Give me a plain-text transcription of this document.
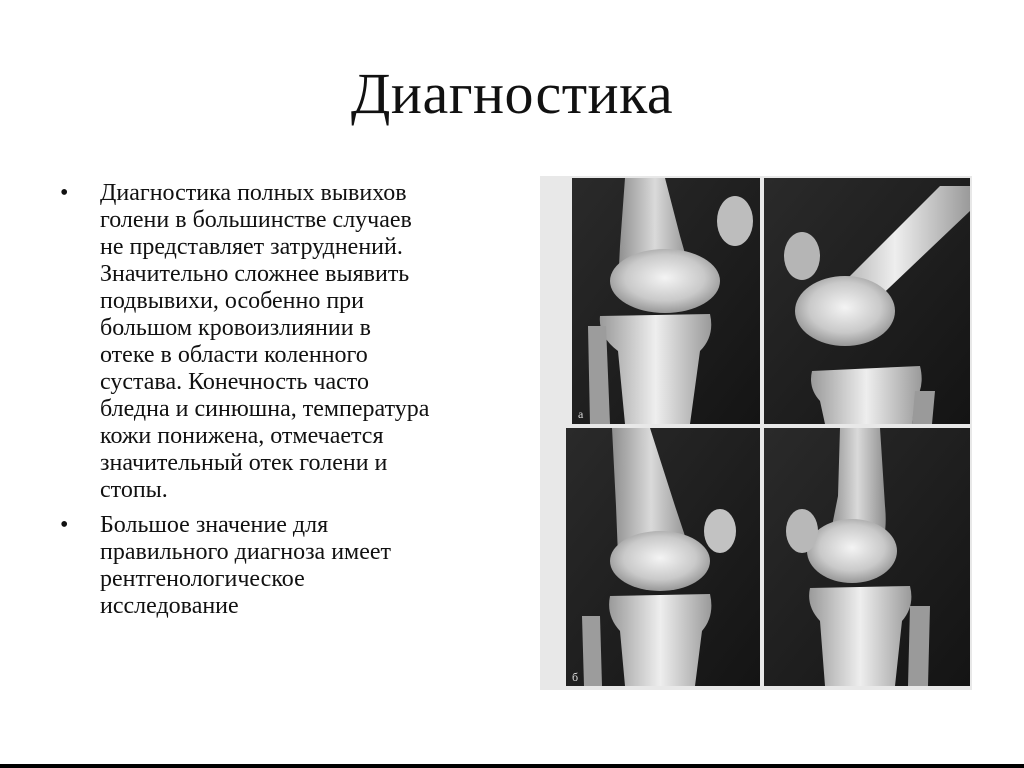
Диагностика
• Диагностика полных вывихов
голени в большинстве случаев
не представляет затруднений.
Значительно сложнее выявить
подвывихи, особенно при
большом кровоизлиянии в
отеке в области коленного
сустава. Конечность часто
бледна и синюшна, температура
кожи понижена, отмечается
значительный отек голени и
стопы.
• Большое значение для
правильного диагноза имеет
рентгенологическое
исследование
б
а
